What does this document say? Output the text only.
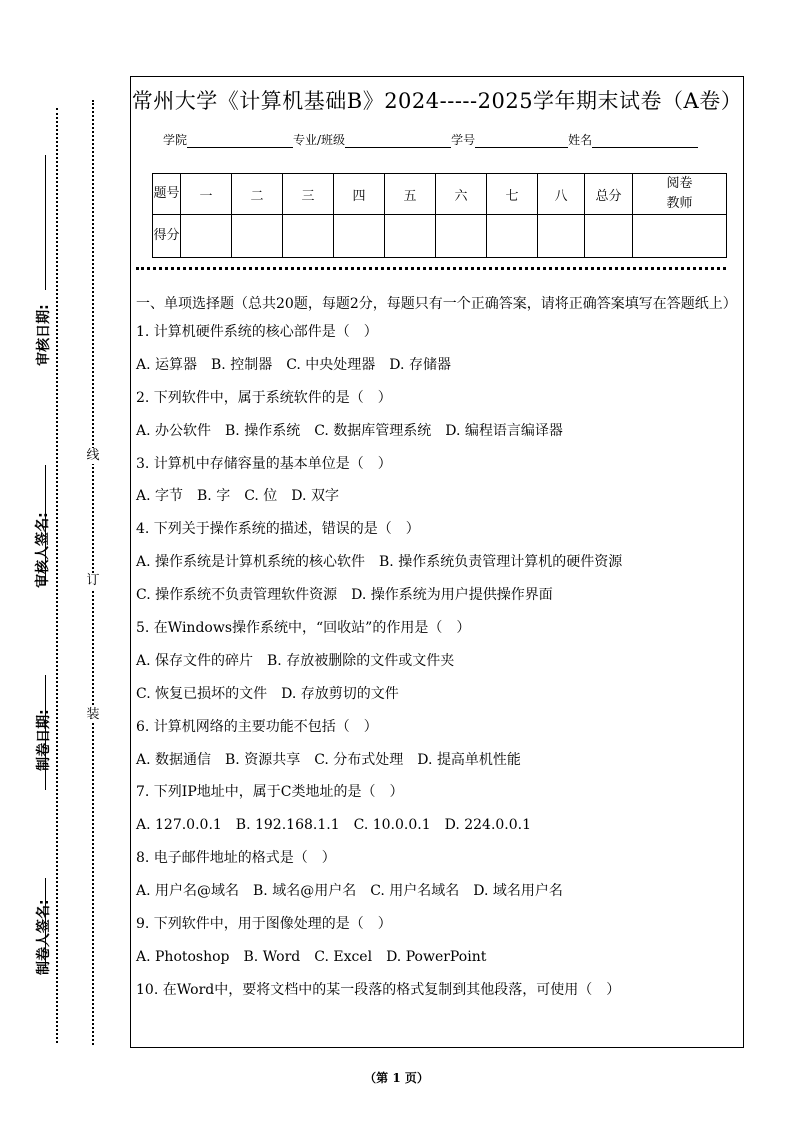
制卷人签名:
制卷日期:
审核人签名:
审核日期:
装
订
线
常州大学《计算机基础B》2024-----2025学年期末试卷（A卷）
学院	专业/班级	学号	姓名
题号	一	二	三	四	五	六	七	八	总分	阅卷教师

得分										
一、单项选择题（总共20题，每题2分，每题只有一个正确答案，请将正确答案填写在答题纸上）
1. 计算机硬件系统的核心部件是（　）
A. 运算器　B. 控制器　C. 中央处理器　D. 存储器
2. 下列软件中，属于系统软件的是（　）
A. 办公软件　B. 操作系统　C. 数据库管理系统　D. 编程语言编译器
3. 计算机中存储容量的基本单位是（　）
A. 字节　B. 字　C. 位　D. 双字
4. 下列关于操作系统的描述，错误的是（　）
A. 操作系统是计算机系统的核心软件　B. 操作系统负责管理计算机的硬件资源
C. 操作系统不负责管理软件资源　D. 操作系统为用户提供操作界面
5. 在Windows操作系统中，“回收站”的作用是（　）
A. 保存文件的碎片　B. 存放被删除的文件或文件夹
C. 恢复已损坏的文件　D. 存放剪切的文件
6. 计算机网络的主要功能不包括（　）
A. 数据通信　B. 资源共享　C. 分布式处理　D. 提高单机性能
7. 下列IP地址中，属于C类地址的是（　）
A. 127.0.0.1　B. 192.168.1.1　C. 10.0.0.1　D. 224.0.0.1
8. 电子邮件地址的格式是（　）
A. 用户名@域名　B. 域名@用户名　C. 用户名域名　D. 域名用户名
9. 下列软件中，用于图像处理的是（　）
A. Photoshop　B. Word　C. Excel　D. PowerPoint
10. 在Word中，要将文档中的某一段落的格式复制到其他段落，可使用（　）
（第 1 页）
